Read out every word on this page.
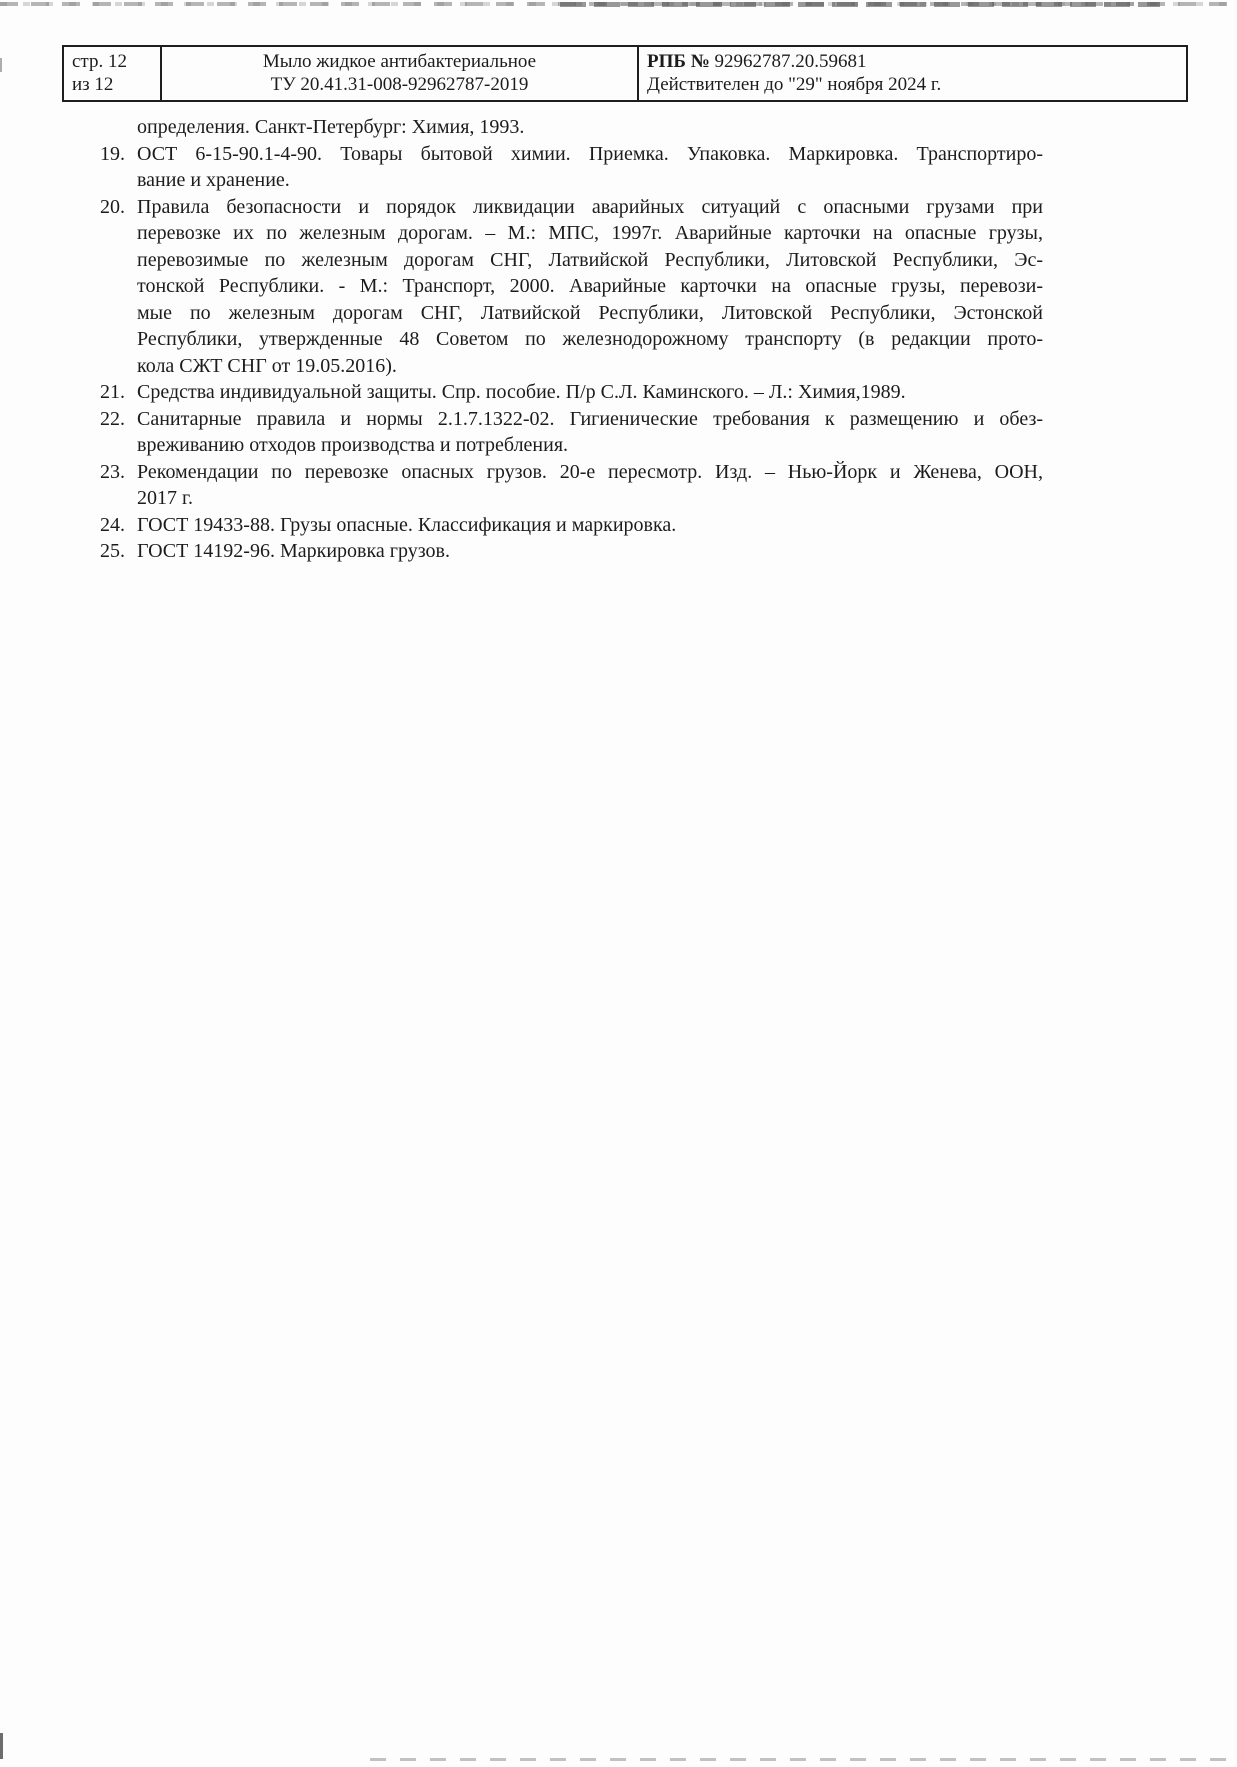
стр. 12
из 12
Мыло жидкое антибактериальное
ТУ 20.41.31-008-92962787-2019
РПБ № 92962787.20.59681
Действителен до "29" ноября 2024 г.
определения. Санкт-Петербург: Химия, 1993.
19. ОСТ 6-15-90.1-4-90. Товары бытовой химии. Приемка. Упаковка. Маркировка. Транспортиро-
вание и хранение.
20. Правила безопасности и порядок ликвидации аварийных ситуаций с опасными грузами при
перевозке их по железным дорогам. – М.: МПС, 1997г. Аварийные карточки на опасные грузы,
перевозимые по железным дорогам СНГ, Латвийской Республики, Литовской Республики, Эс-
тонской Республики. - М.: Транспорт, 2000. Аварийные карточки на опасные грузы, перевози-
мые по железным дорогам СНГ, Латвийской Республики, Литовской Республики, Эстонской
Республики, утвержденные 48 Советом по железнодорожному транспорту (в редакции прото-
кола СЖТ СНГ от 19.05.2016).
21. Средства индивидуальной защиты. Спр. пособие. П/р С.Л. Каминского. – Л.: Химия,1989.
22. Санитарные правила и нормы 2.1.7.1322-02. Гигиенические требования к размещению и обез-
вреживанию отходов производства и потребления.
23. Рекомендации по перевозке опасных грузов. 20-е пересмотр. Изд. – Нью-Йорк и Женева, ООН,
2017 г.
24. ГОСТ 19433-88. Грузы опасные. Классификация и маркировка.
25. ГОСТ 14192-96. Маркировка грузов.
